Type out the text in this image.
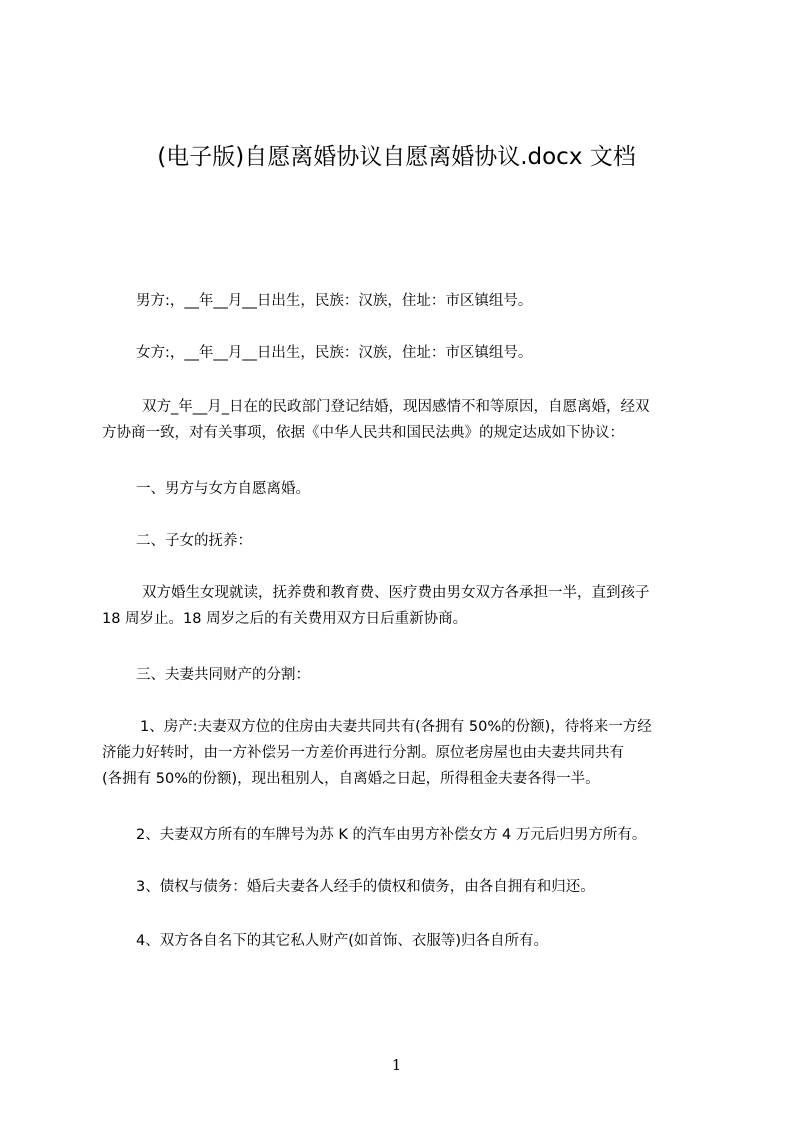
(电子版)自愿离婚协议自愿离婚协议.docx 文档
男方:，__年__月__日出生，民族：汉族，住址：市区镇组号。
女方:，__年__月__日出生，民族：汉族，住址：市区镇组号。
双方_年__月_日在的民政部门登记结婚，现因感情不和等原因，自愿离婚，经双
方协商一致，对有关事项，依据《中华人民共和国民法典》的规定达成如下协议：
一、男方与女方自愿离婚。
二、子女的抚养：
双方婚生女现就读，抚养费和教育费、医疗费由男女双方各承担一半，直到孩子
18 周岁止。18 周岁之后的有关费用双方日后重新协商。
三、夫妻共同财产的分割：
1、房产:夫妻双方位的住房由夫妻共同共有(各拥有 50%的份额)，待将来一方经
济能力好转时，由一方补偿另一方差价再进行分割。原位老房屋也由夫妻共同共有
(各拥有 50%的份额)，现出租别人，自离婚之日起，所得租金夫妻各得一半。
2、夫妻双方所有的车牌号为苏 K 的汽车由男方补偿女方 4 万元后归男方所有。
3、债权与债务：婚后夫妻各人经手的债权和债务，由各自拥有和归还。
4、双方各自名下的其它私人财产(如首饰、衣服等)归各自所有。
1
